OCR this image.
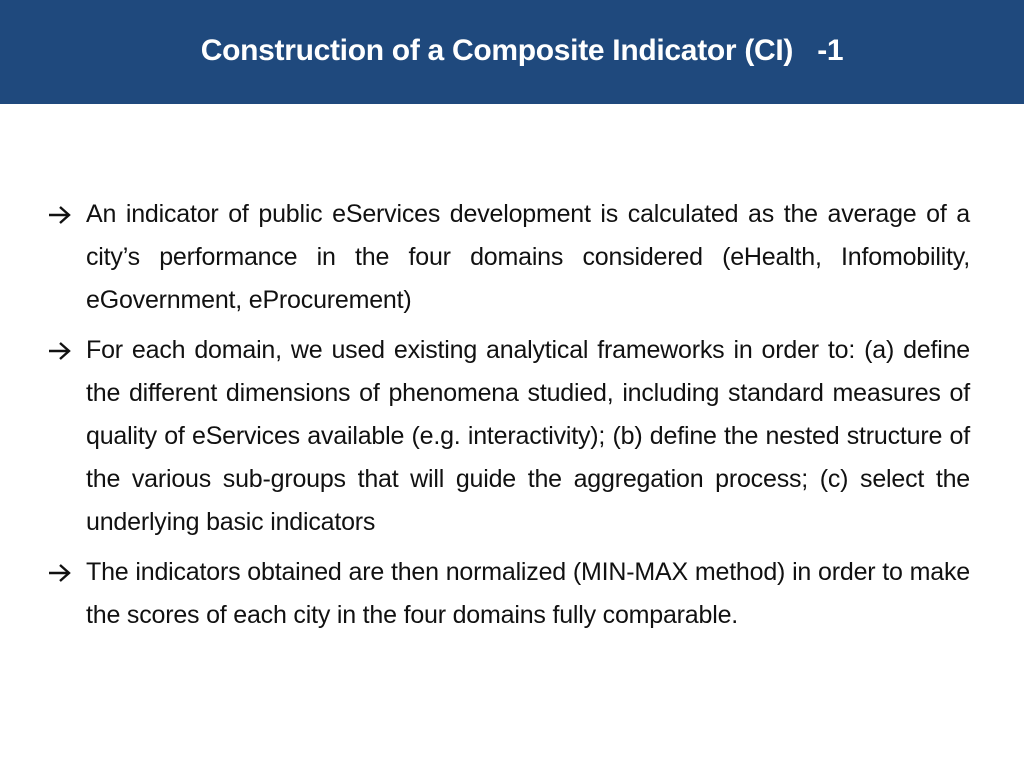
Construction of a Composite Indicator (CI)   -1
An indicator of public eServices development is calculated as the average of a city’s performance in the four domains considered (eHealth, Infomobility, eGovernment, eProcurement)
For each domain, we used existing analytical frameworks in order to: (a) define the different dimensions of phenomena studied, including standard measures of quality of eServices available (e.g. interactivity); (b) define the nested structure of the various sub-groups that will guide the aggregation process; (c) select the underlying basic indicators
The indicators obtained are then normalized (MIN-MAX method) in order to make the scores of each city in the four domains fully comparable.
